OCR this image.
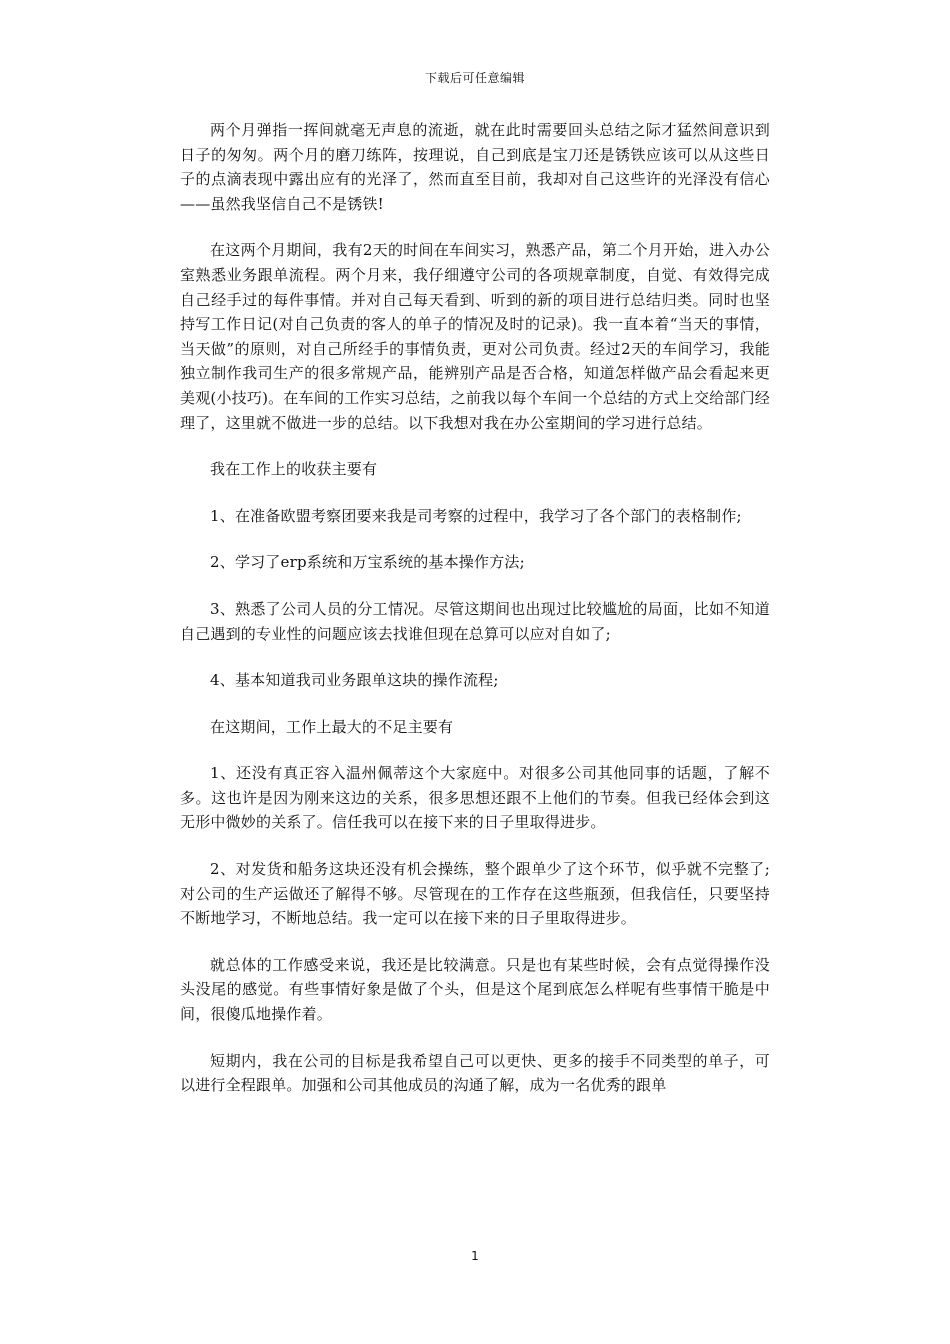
下载后可任意编辑

两个月弹指一挥间就毫无声息的流逝，就在此时需要回头总结之际才猛然间意识到日子的匆匆。两个月的磨刀练阵，按理说，自己到底是宝刀还是锈铁应该可以从这些日子的点滴表现中露出应有的光泽了，然而直至目前，我却对自己这些许的光泽没有信心——虽然我坚信自己不是锈铁!

在这两个月期间，我有2天的时间在车间实习，熟悉产品，第二个月开始，进入办公室熟悉业务跟单流程。两个月来，我仔细遵守公司的各项规章制度，自觉、有效得完成自己经手过的每件事情。并对自己每天看到、听到的新的项目进行总结归类。同时也坚持写工作日记(对自己负责的客人的单子的情况及时的记录)。我一直本着“当天的事情，当天做”的原则，对自己所经手的事情负责，更对公司负责。经过2天的车间学习，我能独立制作我司生产的很多常规产品，能辨别产品是否合格，知道怎样做产品会看起来更美观(小技巧)。在车间的工作实习总结，之前我以每个车间一个总结的方式上交给部门经理了，这里就不做进一步的总结。以下我想对我在办公室期间的学习进行总结。

我在工作上的收获主要有

1、在准备欧盟考察团要来我是司考察的过程中，我学习了各个部门的表格制作;

2、学习了erp系统和万宝系统的基本操作方法;

3、熟悉了公司人员的分工情况。尽管这期间也出现过比较尴尬的局面，比如不知道自己遇到的专业性的问题应该去找谁但现在总算可以应对自如了;

4、基本知道我司业务跟单这块的操作流程;

在这期间，工作上最大的不足主要有

1、还没有真正容入温州佩蒂这个大家庭中。对很多公司其他同事的话题，了解不多。这也许是因为刚来这边的关系，很多思想还跟不上他们的节奏。但我已经体会到这无形中微妙的关系了。信任我可以在接下来的日子里取得进步。

2、对发货和船务这块还没有机会操练，整个跟单少了这个环节，似乎就不完整了;对公司的生产运做还了解得不够。尽管现在的工作存在这些瓶颈，但我信任，只要坚持不断地学习，不断地总结。我一定可以在接下来的日子里取得进步。

就总体的工作感受来说，我还是比较满意。只是也有某些时候，会有点觉得操作没头没尾的感觉。有些事情好象是做了个头，但是这个尾到底怎么样呢有些事情干脆是中间，很傻瓜地操作着。

短期内，我在公司的目标是我希望自己可以更快、更多的接手不同类型的单子，可以进行全程跟单。加强和公司其他成员的沟通了解，成为一名优秀的跟单

1
